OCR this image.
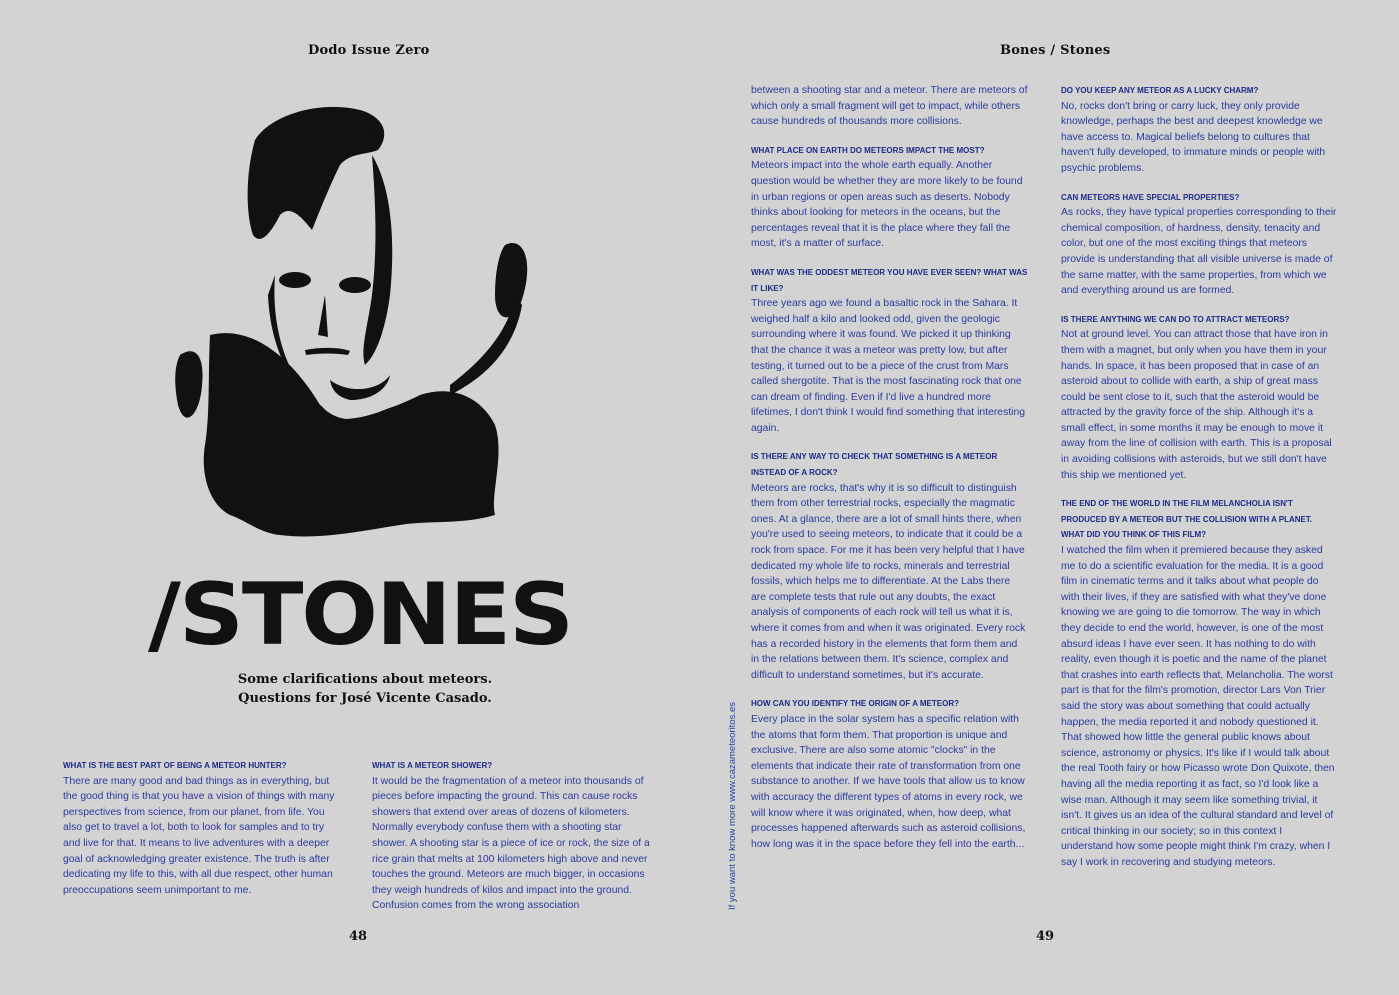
Dodo Issue Zero
/STONES
Some clarifications about meteors.
Questions for José Vicente Casado.
WHAT IS THE BEST PART OF BEING A METEOR HUNTER?

There are many good and bad things as in everything, but the good thing is that you have a vision of things with many perspectives from science, from our planet, from life. You also get to travel a lot, both to look for samples and to try and live for that. It means to live adventures with a deeper goal of acknowledging greater existence. The truth is after dedicating my life to this, with all due respect, other human preoccupations seem unimportant to me.

WHAT IS A METEOR SHOWER?

It would be the fragmentation of a meteor into thousands of pieces before impacting the ground. This can cause rocks showers that extend over areas of dozens of kilometers. Normally everybody confuse them with a shooting star shower. A shooting star is a piece of ice or rock, the size of a rice grain that melts at 100 kilometers high above and never touches the ground. Meteors are much bigger, in occasions they weigh hundreds of kilos and impact into the ground. Confusion comes from the wrong association

48
Bones / Stones

between a shooting star and a meteor. There are meteors of which only a small fragment will get to impact, while others cause hundreds of thousands more collisions.

WHAT PLACE ON EARTH DO METEORS IMPACT THE MOST?

Meteors impact into the whole earth equally. Another question would be whether they are more likely to be found in urban regions or open areas such as deserts. Nobody thinks about looking for meteors in the oceans, but the percentages reveal that it is the place where they fall the most, it's a matter of surface.

WHAT WAS THE ODDEST METEOR YOU HAVE EVER SEEN? WHAT WAS IT LIKE?

Three years ago we found a basaltic rock in the Sahara. It weighed half a kilo and looked odd, given the geologic surrounding where it was found. We picked it up thinking that the chance it was a meteor was pretty low, but after testing, it turned out to be a piece of the crust from Mars called shergotite. That is the most fascinating rock that one can dream of finding. Even if I'd live a hundred more lifetimes, I don't think I would find something that interesting again.

IS THERE ANY WAY TO CHECK THAT SOMETHING IS A METEOR INSTEAD OF A ROCK?

Meteors are rocks, that's why it is so difficult to distinguish them from other terrestrial rocks, especially the magmatic ones. At a glance, there are a lot of small hints there, when you're used to seeing meteors, to indicate that it could be a rock from space. For me it has been very helpful that I have dedicated my whole life to rocks, minerals and terrestrial fossils, which helps me to differentiate. At the Labs there are complete tests that rule out any doubts, the exact analysis of components of each rock will tell us what it is, where it comes from and when it was originated. Every rock has a recorded history in the elements that form them and in the relations between them. It's science, complex and difficult to understand sometimes, but it's accurate.

HOW CAN YOU IDENTIFY THE ORIGIN OF A METEOR?

Every place in the solar system has a specific relation with the atoms that form them. That proportion is unique and exclusive. There are also some atomic "clocks" in the elements that indicate their rate of transformation from one substance to another. If we have tools that allow us to know with accuracy the different types of atoms in every rock, we will know where it was originated, when, how deep, what processes happened afterwards such as asteroid collisions, how long was it in the space before they fell into the earth...

DO YOU KEEP ANY METEOR AS A LUCKY CHARM?

No, rocks don't bring or carry luck, they only provide knowledge, perhaps the best and deepest knowledge we have access to. Magical beliefs belong to cultures that haven't fully developed, to immature minds or people with psychic problems.

CAN METEORS HAVE SPECIAL PROPERTIES?

As rocks, they have typical properties corresponding to their chemical composition, of hardness, density, tenacity and color, but one of the most exciting things that meteors provide is understanding that all visible universe is made of the same matter, with the same properties, from which we and everything around us are formed.

IS THERE ANYTHING WE CAN DO TO ATTRACT METEORS?

Not at ground level. You can attract those that have iron in them with a magnet, but only when you have them in your hands. In space, it has been proposed that in case of an asteroid about to collide with earth, a ship of great mass could be sent close to it, such that the asteroid would be attracted by the gravity force of the ship. Although it's a small effect, in some months it may be enough to move it away from the line of collision with earth. This is a proposal in avoiding collisions with asteroids, but we still don't have this ship we mentioned yet.

THE END OF THE WORLD IN THE FILM MELANCHOLIA ISN'T PRODUCED BY A METEOR BUT THE COLLISION WITH A PLANET. WHAT DID YOU THINK OF THIS FILM?

I watched the film when it premiered because they asked me to do a scientific evaluation for the media. It is a good film in cinematic terms and it talks about what people do with their lives, if they are satisfied with what they've done knowing we are going to die tomorrow. The way in which they decide to end the world, however, is one of the most absurd ideas I have ever seen. It has nothing to do with reality, even though it is poetic and the name of the planet that crashes into earth reflects that, Melancholia. The worst part is that for the film's promotion, director Lars Von Trier said the story was about something that could actually happen, the media reported it and nobody questioned it. That showed how little the general public knows about science, astronomy or physics. It's like if I would talk about the real Tooth fairy or how Picasso wrote Don Quixote, then having all the media reporting it as fact, so I'd look like a wise man. Although it may seem like something trivial, it isn't. It gives us an idea of the cultural standard and level of critical thinking in our society; so in this context I understand how some people might think I'm crazy, when I say I work in recovering and studying meteors.

49
If you want to know more www.cazameteoritos.es
